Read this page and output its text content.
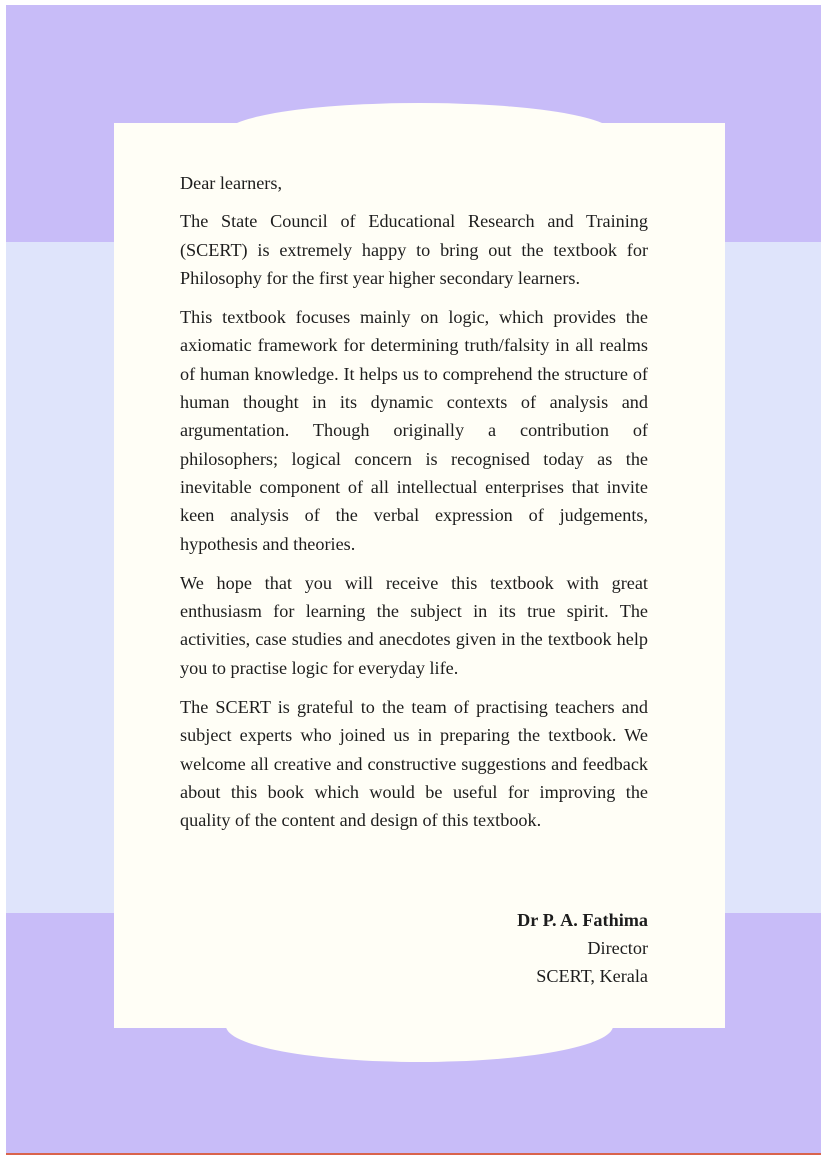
Dear learners,

The State Council of Educational Research and Training (SCERT) is extremely happy to bring out the textbook for Philosophy for the first year higher secondary learners.

This textbook focuses mainly on logic, which provides the axiomatic framework for determining truth/falsity in all realms of human knowledge. It helps us to comprehend the structure of human thought in its dynamic contexts of analysis and argumentation. Though originally a contribution of philosophers; logical concern is recognised today as the inevitable component of all intellectual enterprises that invite keen analysis of the verbal expression of judgements, hypothesis and theories.

We hope that you will receive this textbook with great enthusiasm for learning the subject in its true spirit. The activities, case studies and anecdotes given in the textbook help you to practise logic for everyday life.

The SCERT is grateful to the team of practising teachers and subject experts who joined us in preparing the textbook. We welcome all creative and constructive suggestions and feedback about this book which would be useful for improving the quality of the content and design of this textbook.

Dr P. A. Fathima
Director
SCERT, Kerala
